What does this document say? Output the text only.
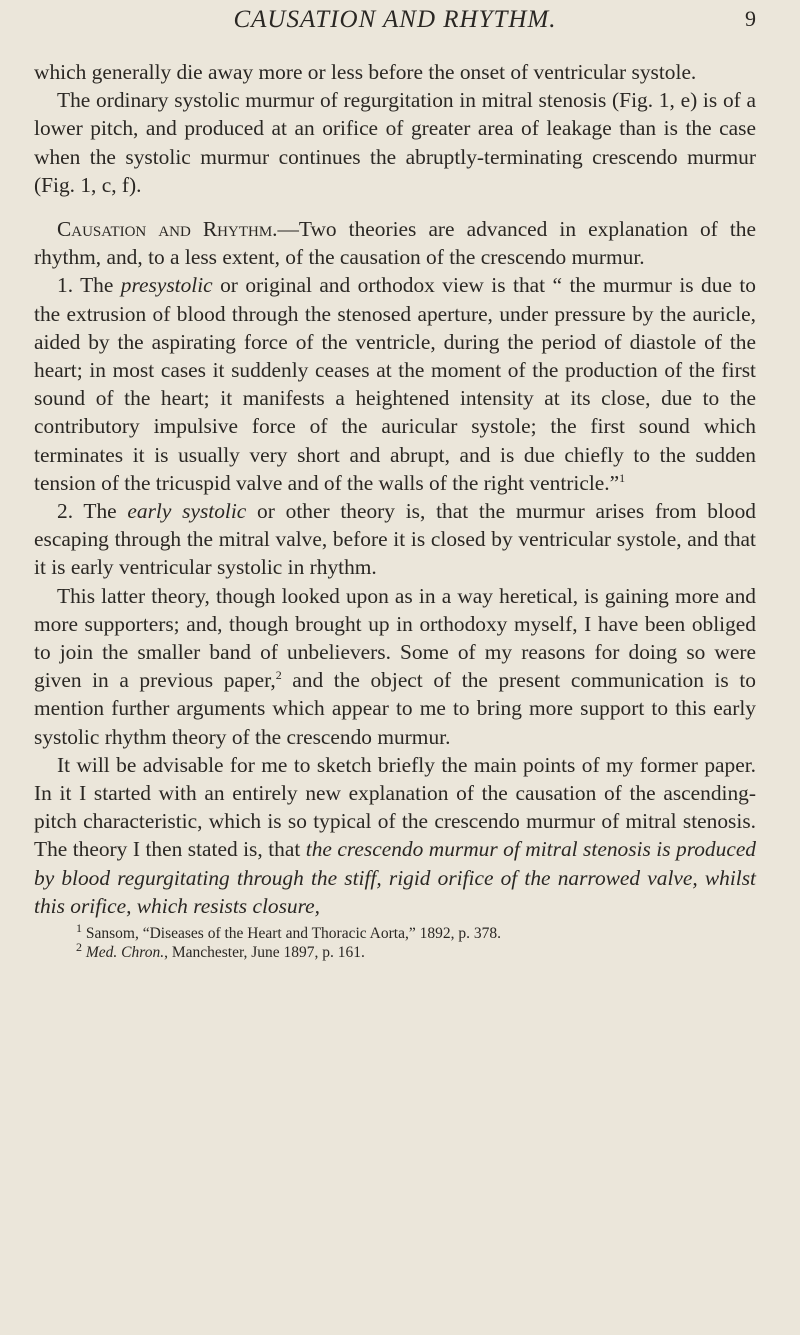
CAUSATION AND RHYTHM.	9

which generally die away more or less before the onset of ventricular systole.

The ordinary systolic murmur of regurgitation in mitral stenosis (Fig. 1, e) is of a lower pitch, and produced at an orifice of greater area of leakage than is the case when the systolic murmur continues the abruptly-terminating crescendo murmur (Fig. 1, c, f).

Causation and Rhythm.—Two theories are advanced in explanation of the rhythm, and, to a less extent, of the causation of the crescendo murmur.

1. The presystolic or original and orthodox view is that “ the murmur is due to the extrusion of blood through the stenosed aperture, under pressure by the auricle, aided by the aspirating force of the ventricle, during the period of diastole of the heart; in most cases it suddenly ceases at the moment of the production of the first sound of the heart; it manifests a heightened intensity at its close, due to the contributory impulsive force of the auricular systole; the first sound which terminates it is usually very short and abrupt, and is due chiefly to the sudden tension of the tricuspid valve and of the walls of the right ventricle.”$^1$

2. The early systolic or other theory is, that the murmur arises from blood escaping through the mitral valve, before it is closed by ventricular systole, and that it is early ventricular systolic in rhythm.

This latter theory, though looked upon as in a way heretical, is gaining more and more supporters; and, though brought up in orthodoxy myself, I have been obliged to join the smaller band of unbelievers. Some of my reasons for doing so were given in a previous paper,$^2$ and the object of the present communication is to mention further arguments which appear to me to bring more support to this early systolic rhythm theory of the crescendo murmur.

It will be advisable for me to sketch briefly the main points of my former paper. In it I started with an entirely new explanation of the causation of the ascending-pitch characteristic, which is so typical of the crescendo murmur of mitral stenosis. The theory I then stated is, that the crescendo murmur of mitral stenosis is produced by blood regurgitating through the stiff, rigid orifice of the narrowed valve, whilst this orifice, which resists closure,

$^1$ Sansom, “Diseases of the Heart and Thoracic Aorta,” 1892, p. 378.

$^2$ Med. Chron., Manchester, June 1897, p. 161.
